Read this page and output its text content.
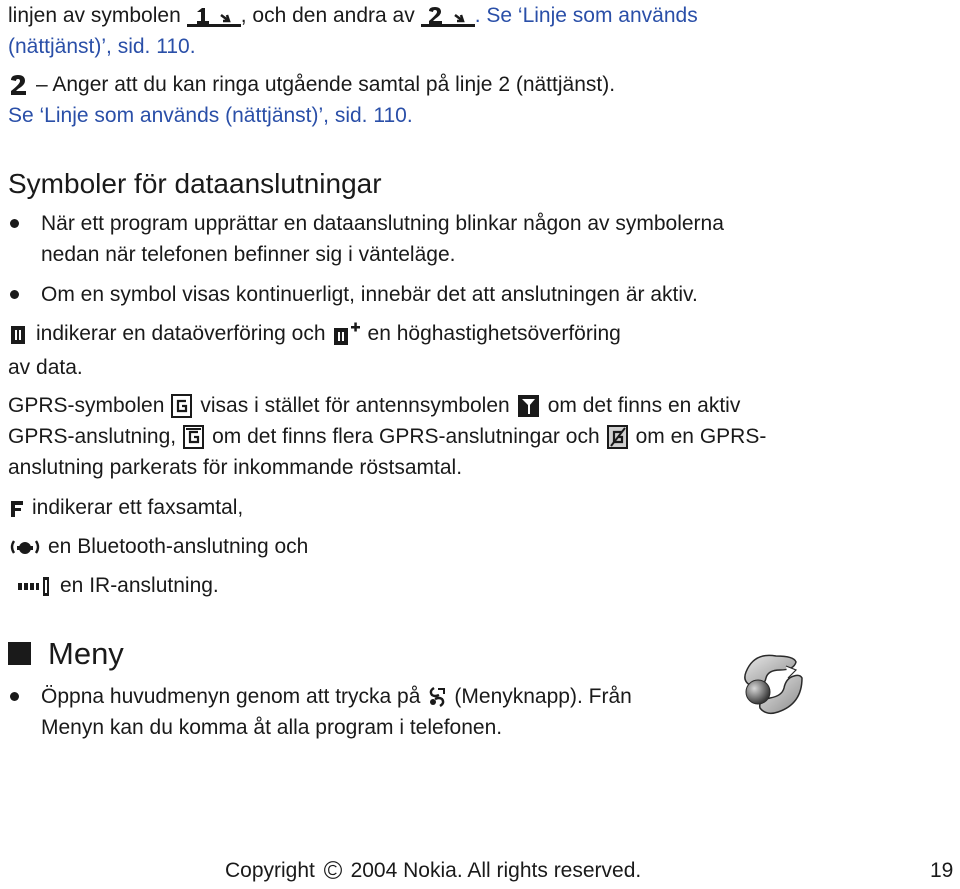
linjen av symbolen	, och den andra av	. Se ‘Linje som används
(nättjänst)’, sid. 110.
– Anger att du kan ringa utgående samtal på linje 2 (nättjänst).
Se ‘Linje som används (nättjänst)’, sid. 110.
Symboler för dataanslutningar
När ett program upprättar en dataanslutning blinkar någon av symbolerna
nedan när telefonen befinner sig i vänteläge.
Om en symbol visas kontinuerligt, innebär det att anslutningen är aktiv.
indikerar en dataöverföring och en höghastighetsöverföring
av data.
GPRS-symbolen visas i stället för antennsymbolen om det finns en aktiv
GPRS-anslutning, om det finns flera GPRS-anslutningar och om en GPRS-
anslutning parkerats för inkommande röstsamtal.
indikerar ett faxsamtal,
en Bluetooth-anslutning och
en IR-anslutning.
Meny
Öppna huvudmenyn genom att trycka på (Menyknapp). Från
Menyn kan du komma åt alla program i telefonen.
Copyright 2004 Nokia. All rights reserved.	19
